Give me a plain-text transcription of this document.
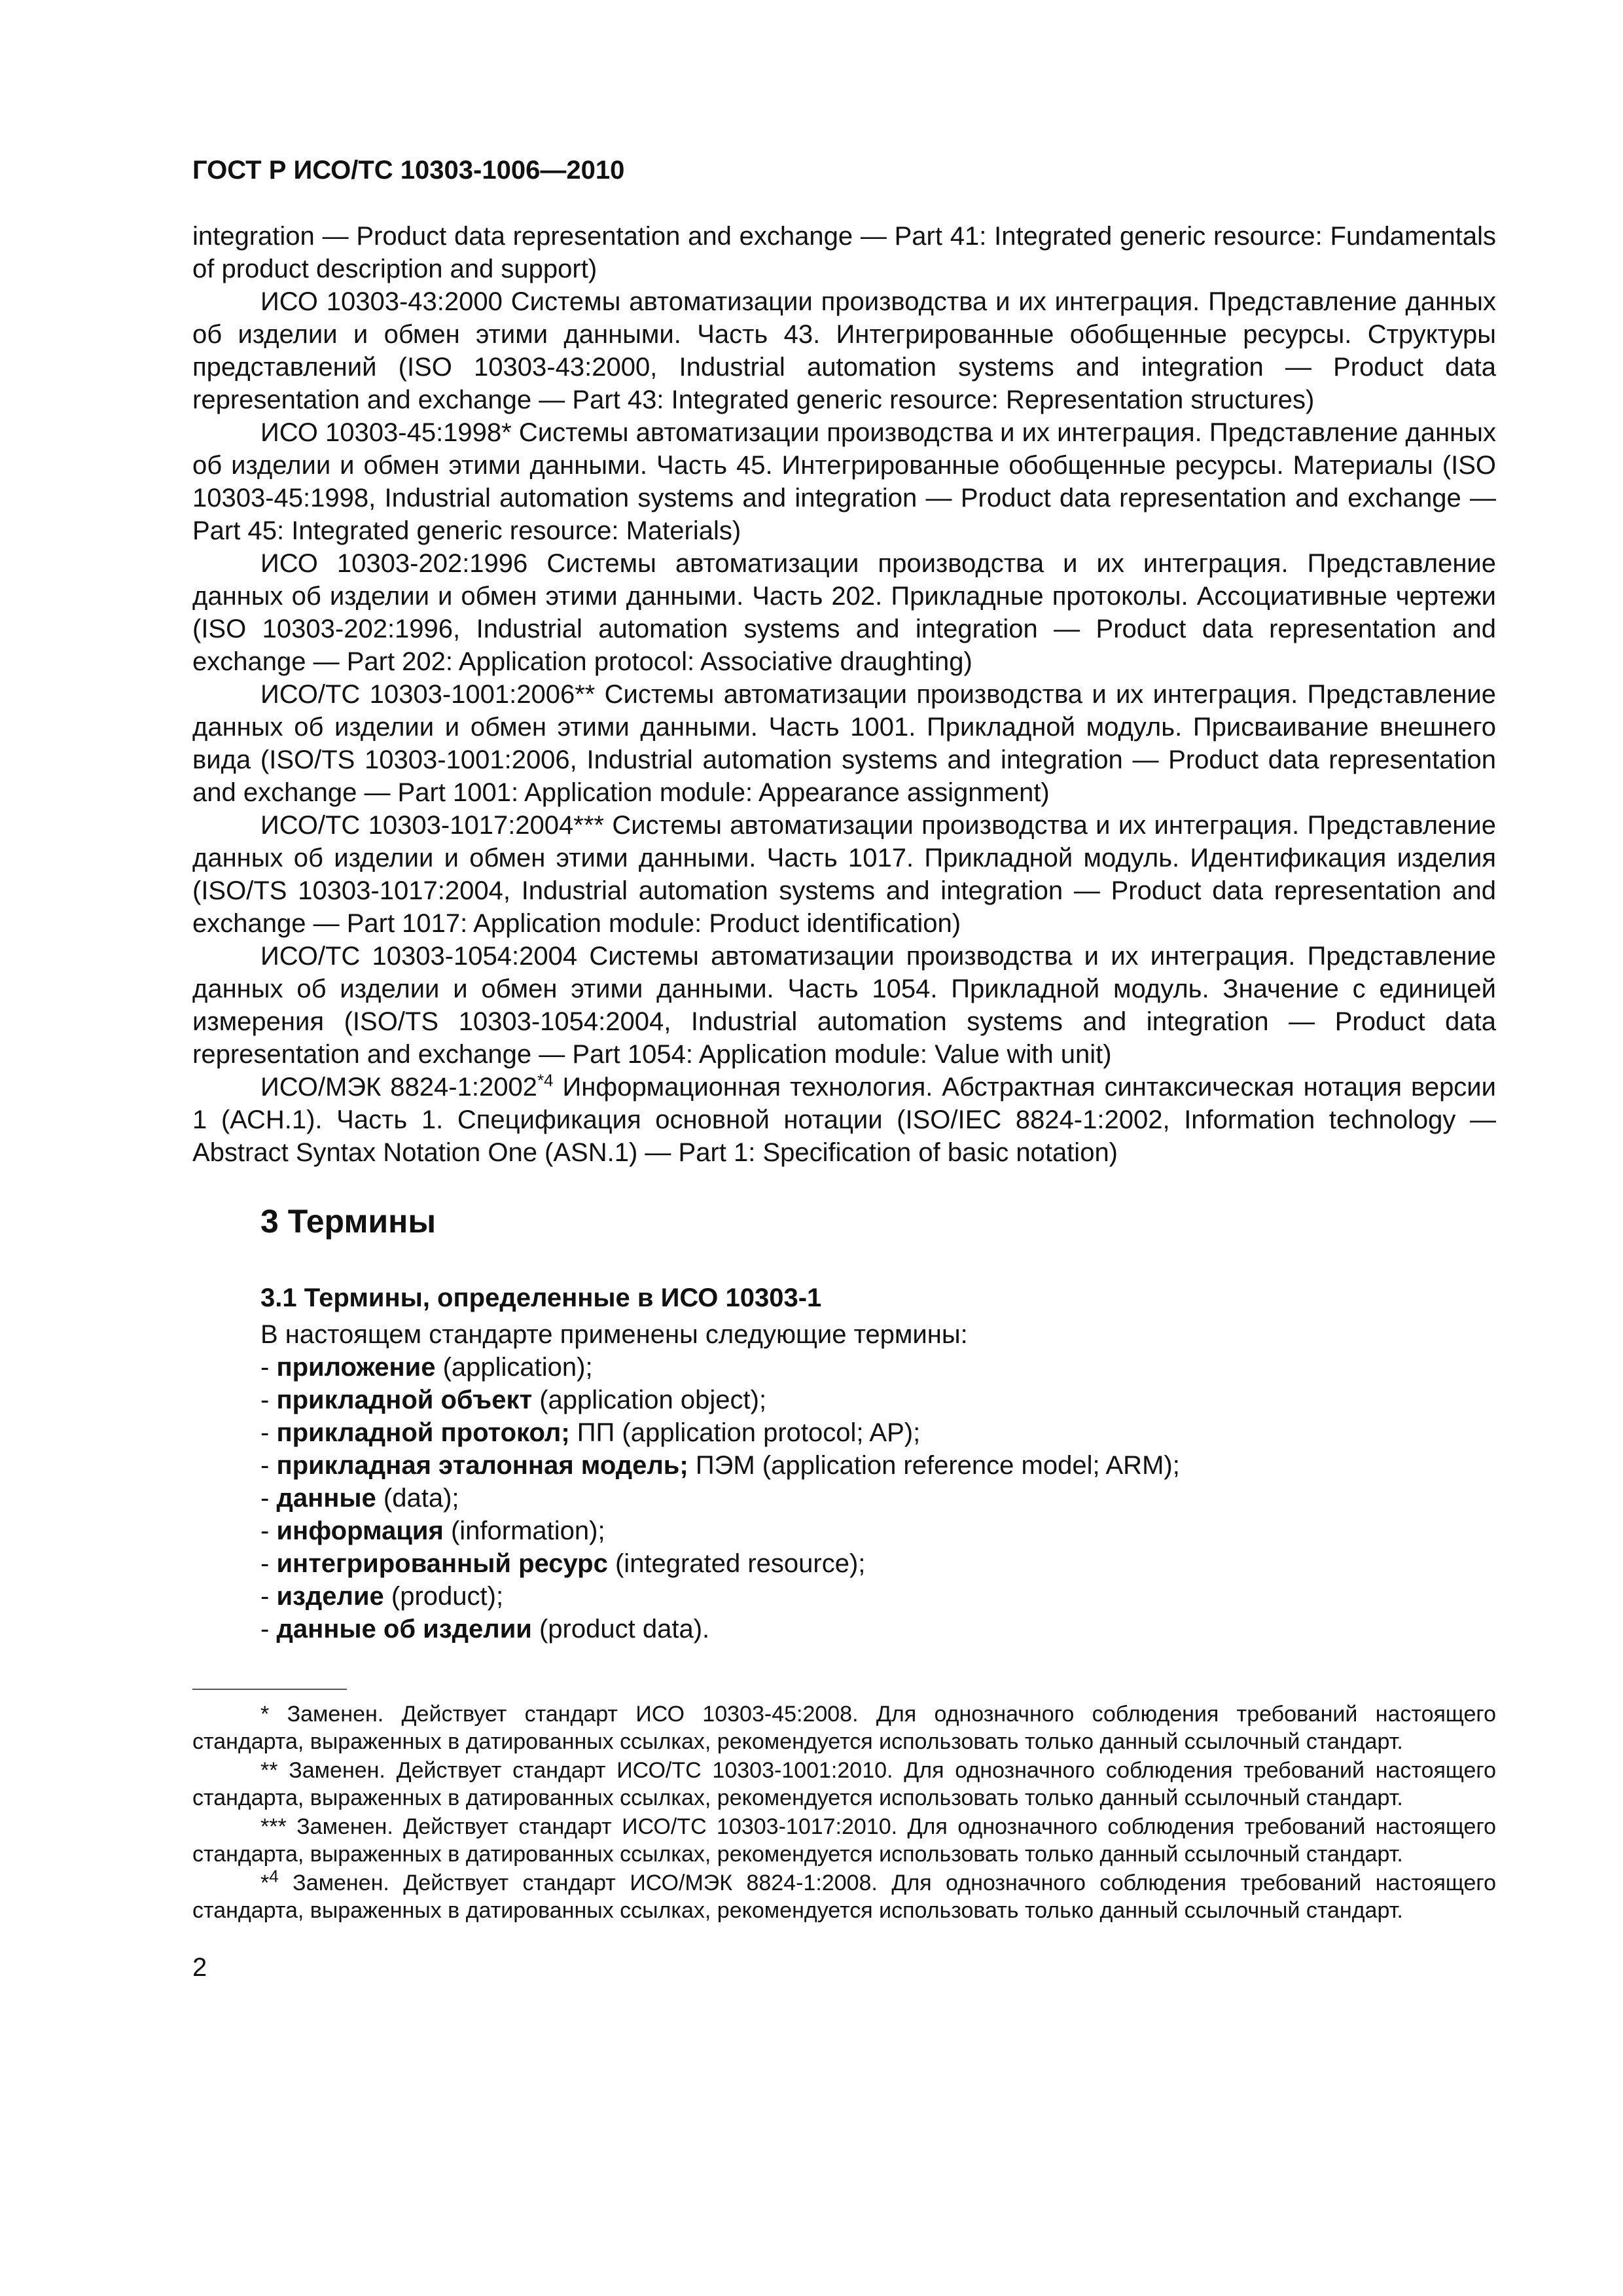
ГОСТ Р ИСО/ТС 10303-1006—2010

integration — Product data representation and exchange — Part 41: Integrated generic resource: Fundamentals of product description and support)

ИСО 10303-43:2000 Системы автоматизации производства и их интеграция. Представление данных об изделии и обмен этими данными. Часть 43. Интегрированные обобщенные ресурсы. Структуры представлений (ISO 10303-43:2000, Industrial automation systems and integration — Product data representation and exchange — Part 43: Integrated generic resource: Representation structures)

ИСО 10303-45:1998* Системы автоматизации производства и их интеграция. Представление данных об изделии и обмен этими данными. Часть 45. Интегрированные обобщенные ресурсы. Материалы (ISO 10303-45:1998, Industrial automation systems and integration — Product data representation and exchange — Part 45: Integrated generic resource: Materials)

ИСО 10303-202:1996 Системы автоматизации производства и их интеграция. Представление данных об изделии и обмен этими данными. Часть 202. Прикладные протоколы. Ассоциативные чертежи (ISO 10303-202:1996, Industrial automation systems and integration — Product data representation and exchange — Part 202: Application protocol: Associative draughting)

ИСО/ТС 10303-1001:2006** Системы автоматизации производства и их интеграция. Представление данных об изделии и обмен этими данными. Часть 1001. Прикладной модуль. Присваивание внешнего вида (ISO/TS 10303-1001:2006, Industrial automation systems and integration — Product data representation and exchange — Part 1001: Application module: Appearance assignment)

ИСО/ТС 10303-1017:2004*** Системы автоматизации производства и их интеграция. Представление данных об изделии и обмен этими данными. Часть 1017. Прикладной модуль. Идентификация изделия (ISO/TS 10303-1017:2004, Industrial automation systems and integration — Product data representation and exchange — Part 1017: Application module: Product identification)

ИСО/ТС 10303-1054:2004 Системы автоматизации производства и их интеграция. Представление данных об изделии и обмен этими данными. Часть 1054. Прикладной модуль. Значение с единицей измерения (ISO/TS 10303-1054:2004, Industrial automation systems and integration — Product data representation and exchange — Part 1054: Application module: Value with unit)

ИСО/МЭК 8824-1:2002$^{*4}$ Информационная технология. Абстрактная синтаксическая нотация версии 1 (АСН.1). Часть 1. Спецификация основной нотации (ISO/IEC 8824-1:2002, Information technology — Abstract Syntax Notation One (ASN.1) — Part 1: Specification of basic notation)

3 Термины
3.1 Термины, определенные в ИСО 10303-1
В настоящем стандарте применены следующие термины:
- приложение (application);
- прикладной объект (application object);
- прикладной протокол; ПП (application protocol; AP);
- прикладная эталонная модель; ПЭМ (application reference model; ARM);
- данные (data);
- информация (information);
- интегрированный ресурс (integrated resource);
- изделие (product);
- данные об изделии (product data).

* Заменен. Действует стандарт ИСО 10303-45:2008. Для однозначного соблюдения требований настоящего стандарта, выраженных в датированных ссылках, рекомендуется использовать только данный ссылочный стандарт.

** Заменен. Действует стандарт ИСО/ТС 10303-1001:2010. Для однозначного соблюдения требований настоящего стандарта, выраженных в датированных ссылках, рекомендуется использовать только данный ссылочный стандарт.

*** Заменен. Действует стандарт ИСО/ТС 10303-1017:2010. Для однозначного соблюдения требований настоящего стандарта, выраженных в датированных ссылках, рекомендуется использовать только данный ссылочный стандарт.

*$^4$ Заменен. Действует стандарт ИСО/МЭК 8824-1:2008. Для однозначного соблюдения требований настоящего стандарта, выраженных в датированных ссылках, рекомендуется использовать только данный ссылочный стандарт.

2
